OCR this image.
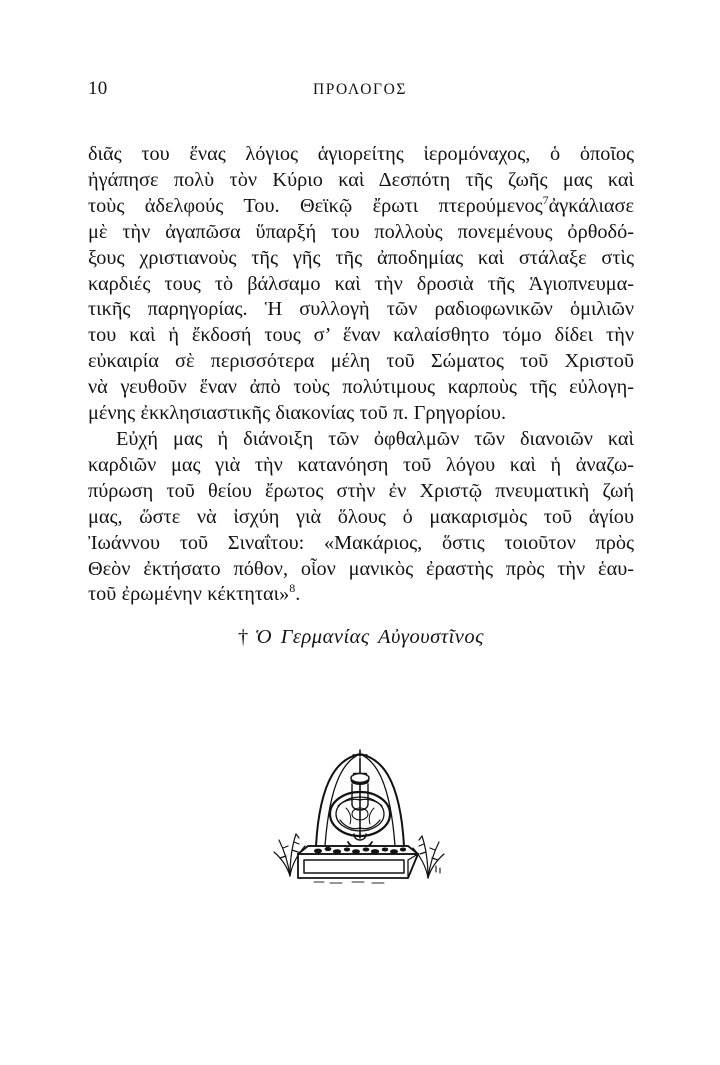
10	ΠΡΟΛΟΓΟΣ

διᾶς του ἕνας λόγιος ἁγιορείτης ἱερομόναχος, ὁ ὁποῖος
ἠγάπησε πολὺ τὸν Κύριο καὶ Δεσπότη τῆς ζωῆς μας καὶ
τοὺς ἀδελφούς Του. Θεϊκῷ ἔρωτι πτερούμενος$^7$ἀγκάλιασε
μὲ τὴν ἀγαπῶσα ὕπαρξή του πολλοὺς πονεμένους ὀρθοδό-
ξους χριστιανοὺς τῆς γῆς τῆς ἀποδημίας καὶ στάλαξε στὶς
καρδιές τους τὸ βάλσαμο καὶ τὴν δροσιὰ τῆς Ἁγιοπνευμα-
τικῆς παρηγορίας. Ἡ συλλογὴ τῶν ραδιοφωνικῶν ὁμιλιῶν
του καὶ ἡ ἔκδοσή τους σ’ ἕναν καλαίσθητο τόμο δίδει τὴν
εὐκαιρία σὲ περισσότερα μέλη τοῦ Σώματος τοῦ Χριστοῦ
νὰ γευθοῦν ἕναν ἀπὸ τοὺς πολύτιμους καρποὺς τῆς εὐλογη-
μένης ἐκκλησιαστικῆς διακονίας τοῦ π. Γρηγορίου.

Εὐχή μας ἡ διάνοιξη τῶν ὀφθαλμῶν τῶν διανοιῶν καὶ
καρδιῶν μας γιὰ τὴν κατανόηση τοῦ λόγου καὶ ἡ ἀναζω-
πύρωση τοῦ θείου ἔρωτος στὴν ἐν Χριστῷ πνευματικὴ ζωή
μας, ὥστε νὰ ἰσχύη γιὰ ὅλους ὁ μακαρισμὸς τοῦ ἁγίου
Ἰωάννου τοῦ Σιναΐτου: «Μακάριος, ὅστις τοιοῦτον πρὸς
Θεὸν ἐκτήσατο πόθον, οἷον μανικὸς ἐραστὴς πρὸς τὴν ἑαυ-
τοῦ ἐρωμένην κέκτηται»$^8$.

† Ὁ Γερμανίας Αὐγουστῖνος
